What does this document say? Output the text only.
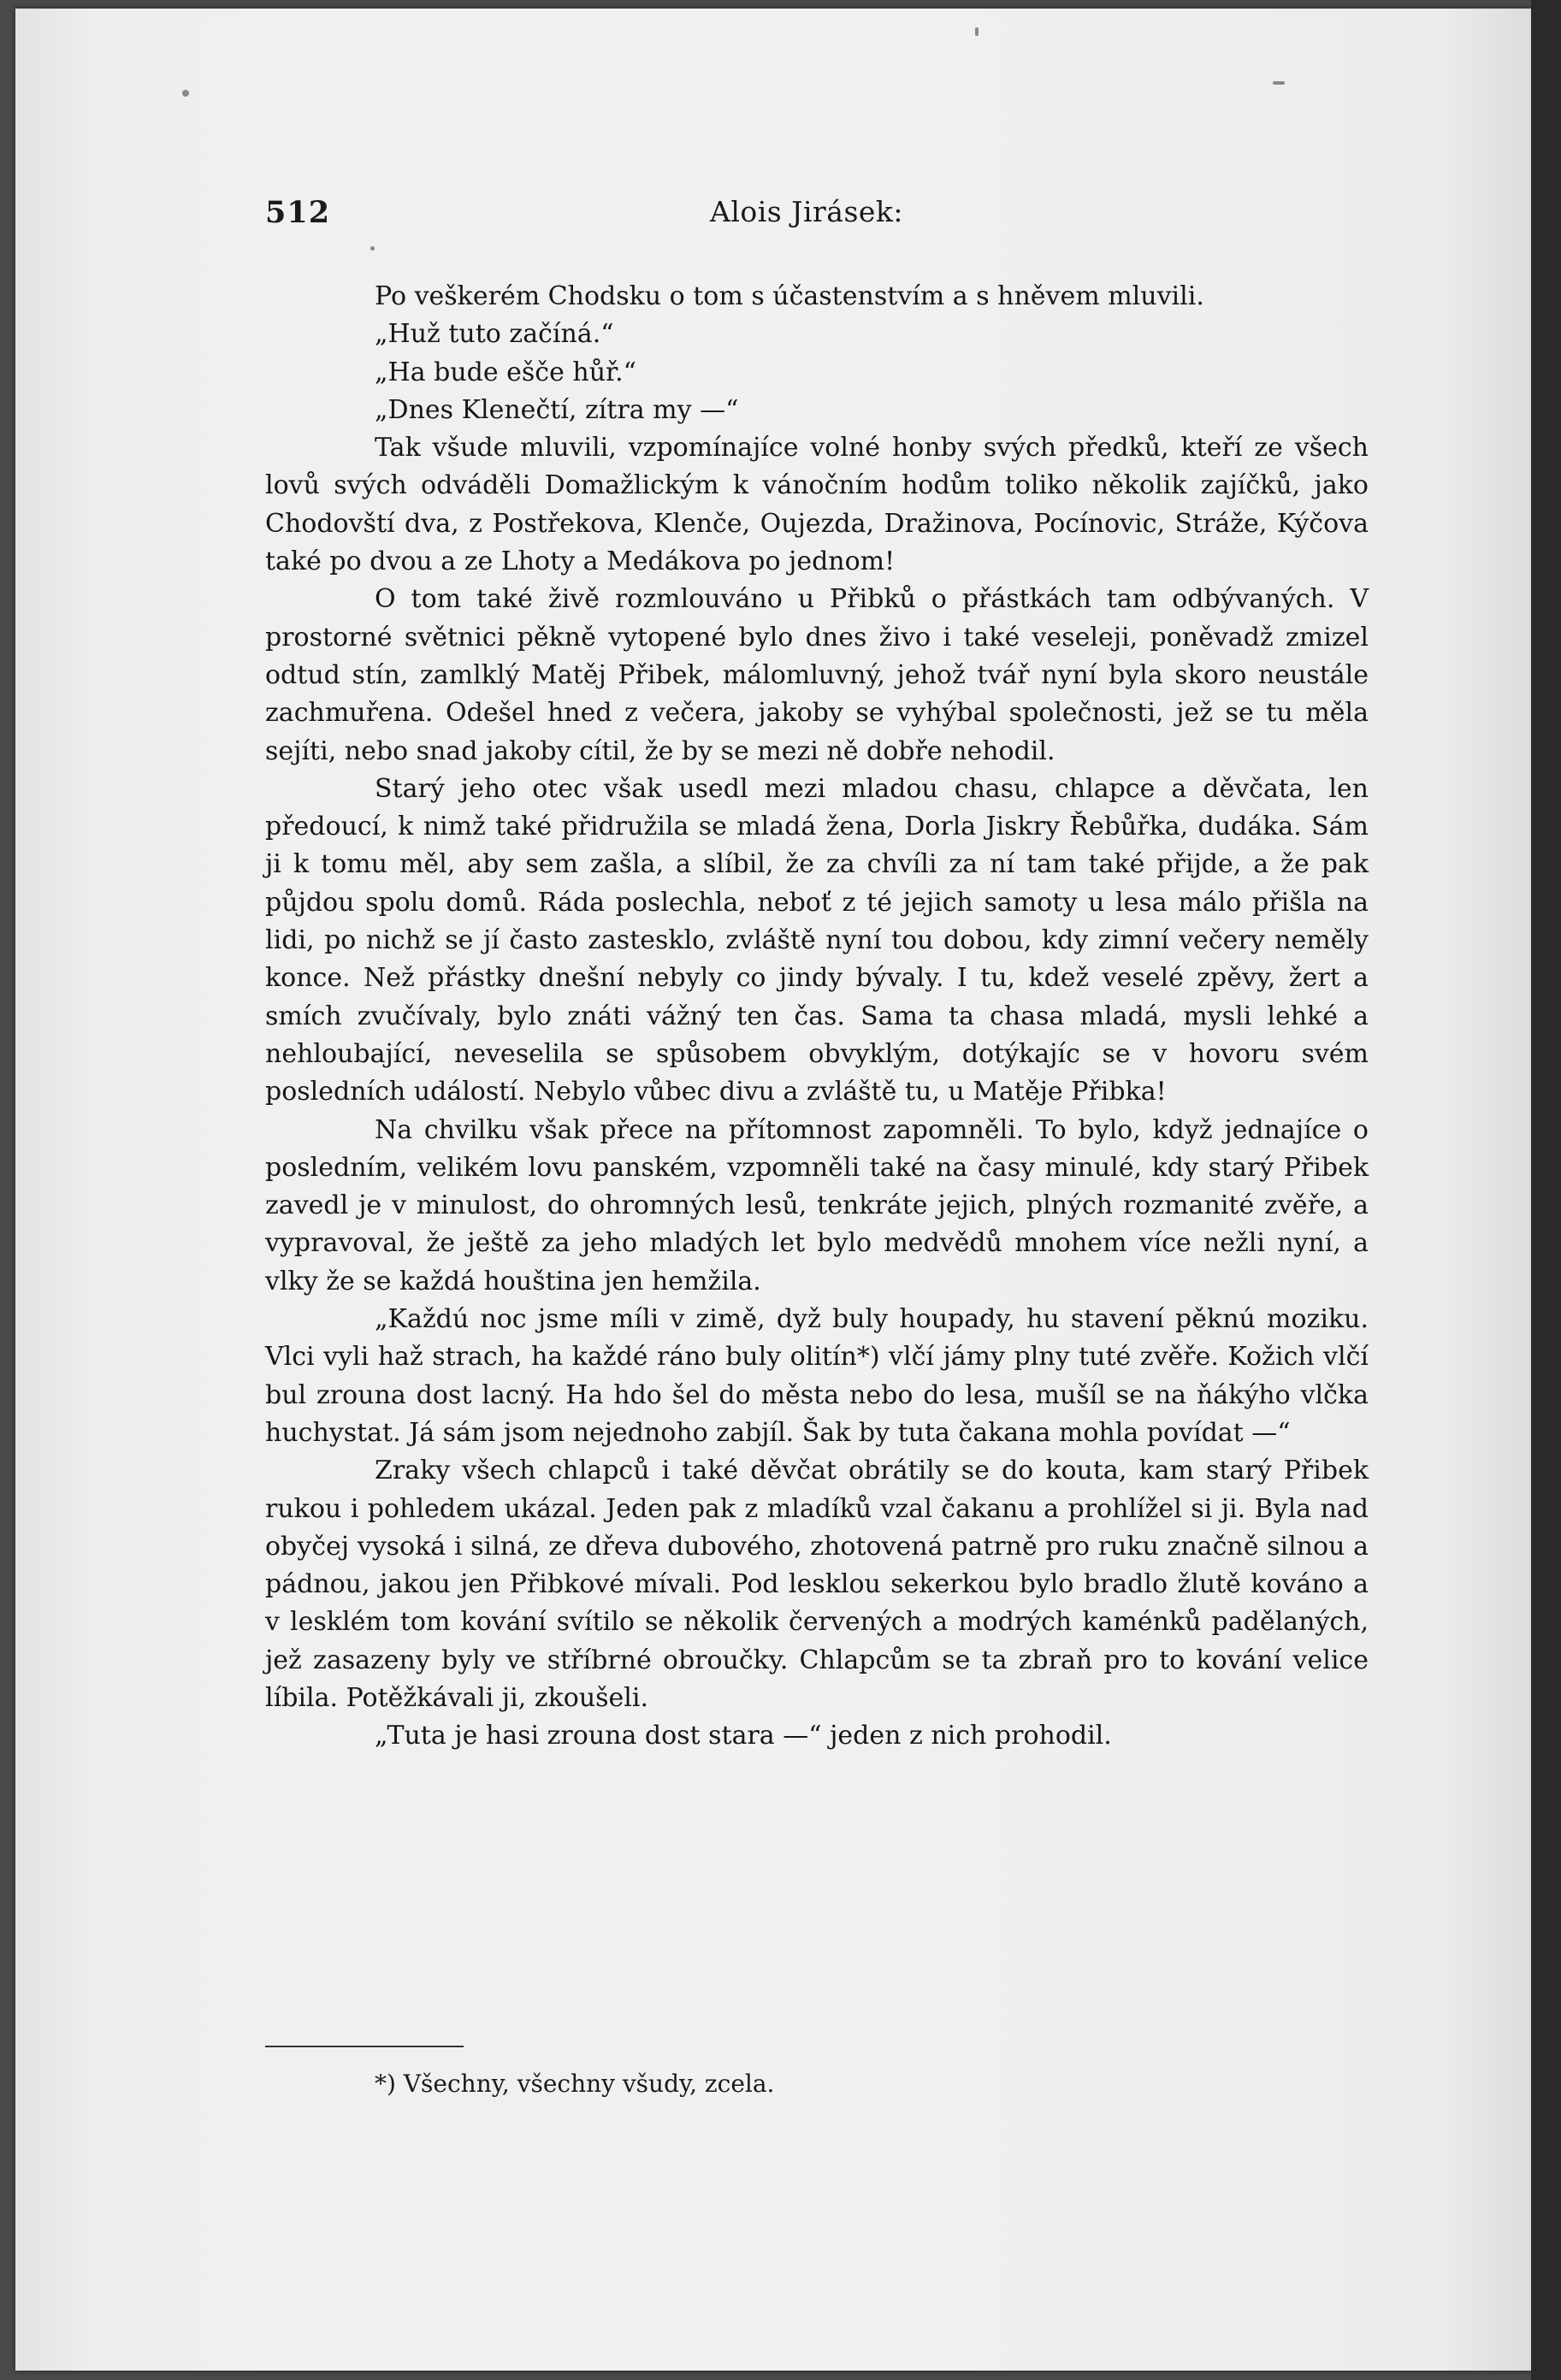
512	Alois Jirásek:

Po veškerém Chodsku o tom s účastenstvím a s hněvem mluvili.

„Huž tuto začíná.“

„Ha bude ešče hůř.“

„Dnes Klenečtí, zítra my —“

Tak všude mluvili, vzpomínajíce volné honby svých předků, kteří ze všech lovů svých odváděli Domažlickým k vánočním hodům toliko několik zajíčků, jako Chodovští dva, z Postřekova, Klenče, Oujezda, Dražinova, Pocínovic, Stráže, Kýčova také po dvou a ze Lhoty a Medákova po jednom!

O tom také živě rozmlouváno u Přibků o přástkách tam odbývaných. V prostorné světnici pěkně vytopené bylo dnes živo i také veseleji, poněvadž zmizel odtud stín, zamlklý Matěj Přibek, málomluvný, jehož tvář nyní byla skoro neustále zachmuřena. Odešel hned z večera, jakoby se vyhýbal společnosti, jež se tu měla sejíti, nebo snad jakoby cítil, že by se mezi ně dobře nehodil.

Starý jeho otec však usedl mezi mladou chasu, chlapce a děvčata, len předoucí, k nimž také přidružila se mladá žena, Dorla Jiskry Řebůřka, dudáka. Sám ji k tomu měl, aby sem zašla, a slíbil, že za chvíli za ní tam také přijde, a že pak půjdou spolu domů. Ráda poslechla, neboť z té jejich samoty u lesa málo přišla na lidi, po nichž se jí často zastesklo, zvláště nyní tou dobou, kdy zimní večery neměly konce. Než přástky dnešní nebyly co jindy bývaly. I tu, kdež veselé zpěvy, žert a smích zvučívaly, bylo znáti vážný ten čas. Sama ta chasa mladá, mysli lehké a nehloubající, neveselila se spůsobem obvyklým, dotýkajíc se v hovoru svém posledních událostí. Nebylo vůbec divu a zvláště tu, u Matěje Přibka!

Na chvilku však přece na přítomnost zapomněli. To bylo, když jednajíce o posledním, velikém lovu panském, vzpomněli také na časy minulé, kdy starý Přibek zavedl je v minulost, do ohromných lesů, tenkráte jejich, plných rozmanité zvěře, a vypravoval, že ještě za jeho mladých let bylo medvědů mnohem více nežli nyní, a vlky že se každá houština jen hemžila.

„Každú noc jsme míli v zimě, dyž buly houpady, hu stavení pěknú moziku. Vlci vyli haž strach, ha každé ráno buly olitín*) vlčí jámy plny tuté zvěře. Kožich vlčí bul zrouna dost lacný. Ha hdo šel do města nebo do lesa, mušíl se na ňákýho vlčka huchystat. Já sám jsom nejednoho zabjíl. Šak by tuta čakana mohla povídat —“

Zraky všech chlapců i také děvčat obrátily se do kouta, kam starý Přibek rukou i pohledem ukázal. Jeden pak z mladíků vzal čakanu a prohlížel si ji. Byla nad obyčej vysoká i silná, ze dřeva dubového, zhotovená patrně pro ruku značně silnou a pádnou, jakou jen Přibkové mívali. Pod lesklou sekerkou bylo bradlo žlutě kováno a v lesklém tom kování svítilo se několik červených a modrých kaménků padělaných, jež zasazeny byly ve stříbrné obroučky. Chlapcům se ta zbraň pro to kování velice líbila. Potěžkávali ji, zkoušeli.

„Tuta je hasi zrouna dost stara —“ jeden z nich prohodil.

*) Všechny, všechny všudy, zcela.
